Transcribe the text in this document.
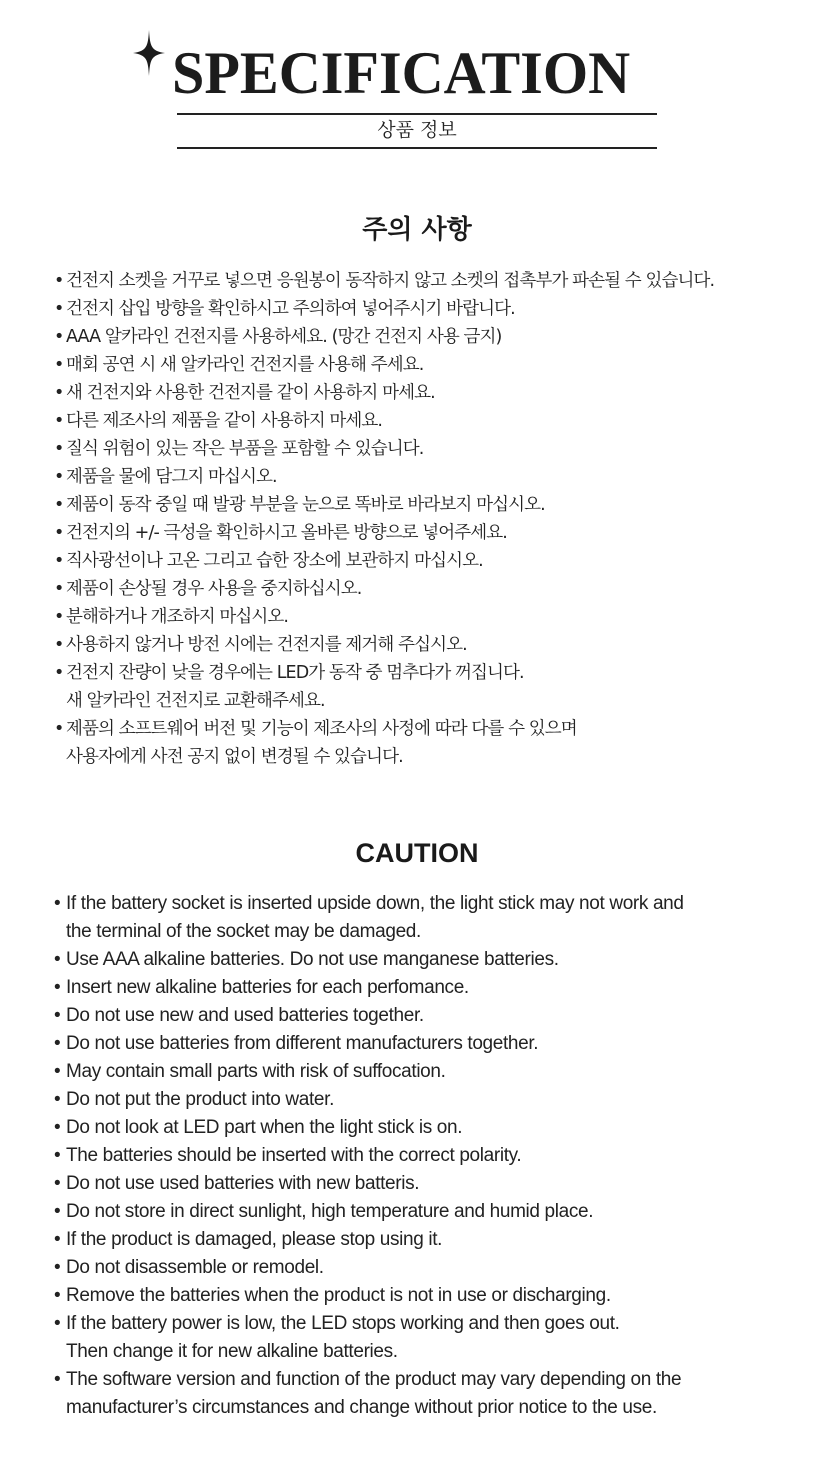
SPECIFICATION
상품 정보
주의 사항
• 건전지 소켓을 거꾸로 넣으면 응원봉이 동작하지 않고 소켓의 접촉부가 파손될 수 있습니다.
• 건전지 삽입 방향을 확인하시고 주의하여 넣어주시기 바랍니다.
• AAA 알카라인 건전지를 사용하세요. (망간 건전지 사용 금지)
• 매회 공연 시 새 알카라인 건전지를 사용해 주세요.
• 새 건전지와 사용한 건전지를 같이 사용하지 마세요.
• 다른 제조사의 제품을 같이 사용하지 마세요.
• 질식 위험이 있는 작은 부품을 포함할 수 있습니다.
• 제품을 물에 담그지 마십시오.
• 제품이 동작 중일 때 발광 부분을 눈으로 똑바로 바라보지 마십시오.
• 건전지의 +/- 극성을 확인하시고 올바른 방향으로 넣어주세요.
• 직사광선이나 고온 그리고 습한 장소에 보관하지 마십시오.
• 제품이 손상될 경우 사용을 중지하십시오.
• 분해하거나 개조하지 마십시오.
• 사용하지 않거나 방전 시에는 건전지를 제거해 주십시오.
• 건전지 잔량이 낮을 경우에는 LED가 동작 중 멈추다가 꺼집니다.
새 알카라인 건전지로 교환해주세요.
• 제품의 소프트웨어 버전 및 기능이 제조사의 사정에 따라 다를 수 있으며
사용자에게 사전 공지 없이 변경될 수 있습니다.
CAUTION
• If the battery socket is inserted upside down, the light stick may not work and
the terminal of the socket may be damaged.
• Use AAA alkaline batteries. Do not use manganese batteries.
• Insert new alkaline batteries for each perfomance.
• Do not use new and used batteries together.
• Do not use batteries from different manufacturers together.
• May contain small parts with risk of suffocation.
• Do not put the product into water.
• Do not look at LED part when the light stick is on.
• The batteries should be inserted with the correct polarity.
• Do not use used batteries with new batteris.
• Do not store in direct sunlight, high temperature and humid place.
• If the product is damaged, please stop using it.
• Do not disassemble or remodel.
• Remove the batteries when the product is not in use or discharging.
• If the battery power is low, the LED stops working and then goes out.
Then change it for new alkaline batteries.
• The software version and function of the product may vary depending on the
manufacturer’s circumstances and change without prior notice to the use.
